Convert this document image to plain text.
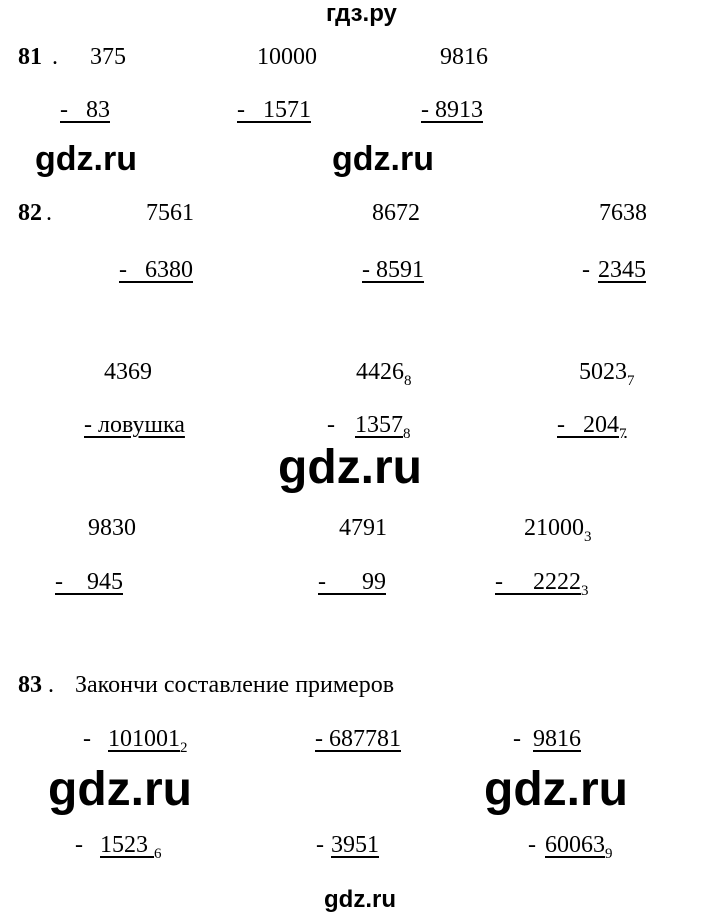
гдз.ру
81 . 375	10000	9816
-   83	-   1571	- 8913
gdz.ru	gdz.ru
82 .	7561	8672	7638
-   6380	- 8591	- 2345
4369	$4426_8$	$5023_7$
- ловушка	- $1357_8$	-   $204_7$
gdz.ru
9830	4791	$21000_3$
-    945	-      99	-     $2222_3$
83 . Закончи составление примеров
- $101001_2$	- 687781	- 9816
gdz.ru	gdz.ru
- 1523 $_6$	- 3951	- $60063_9$
gdz.ru
